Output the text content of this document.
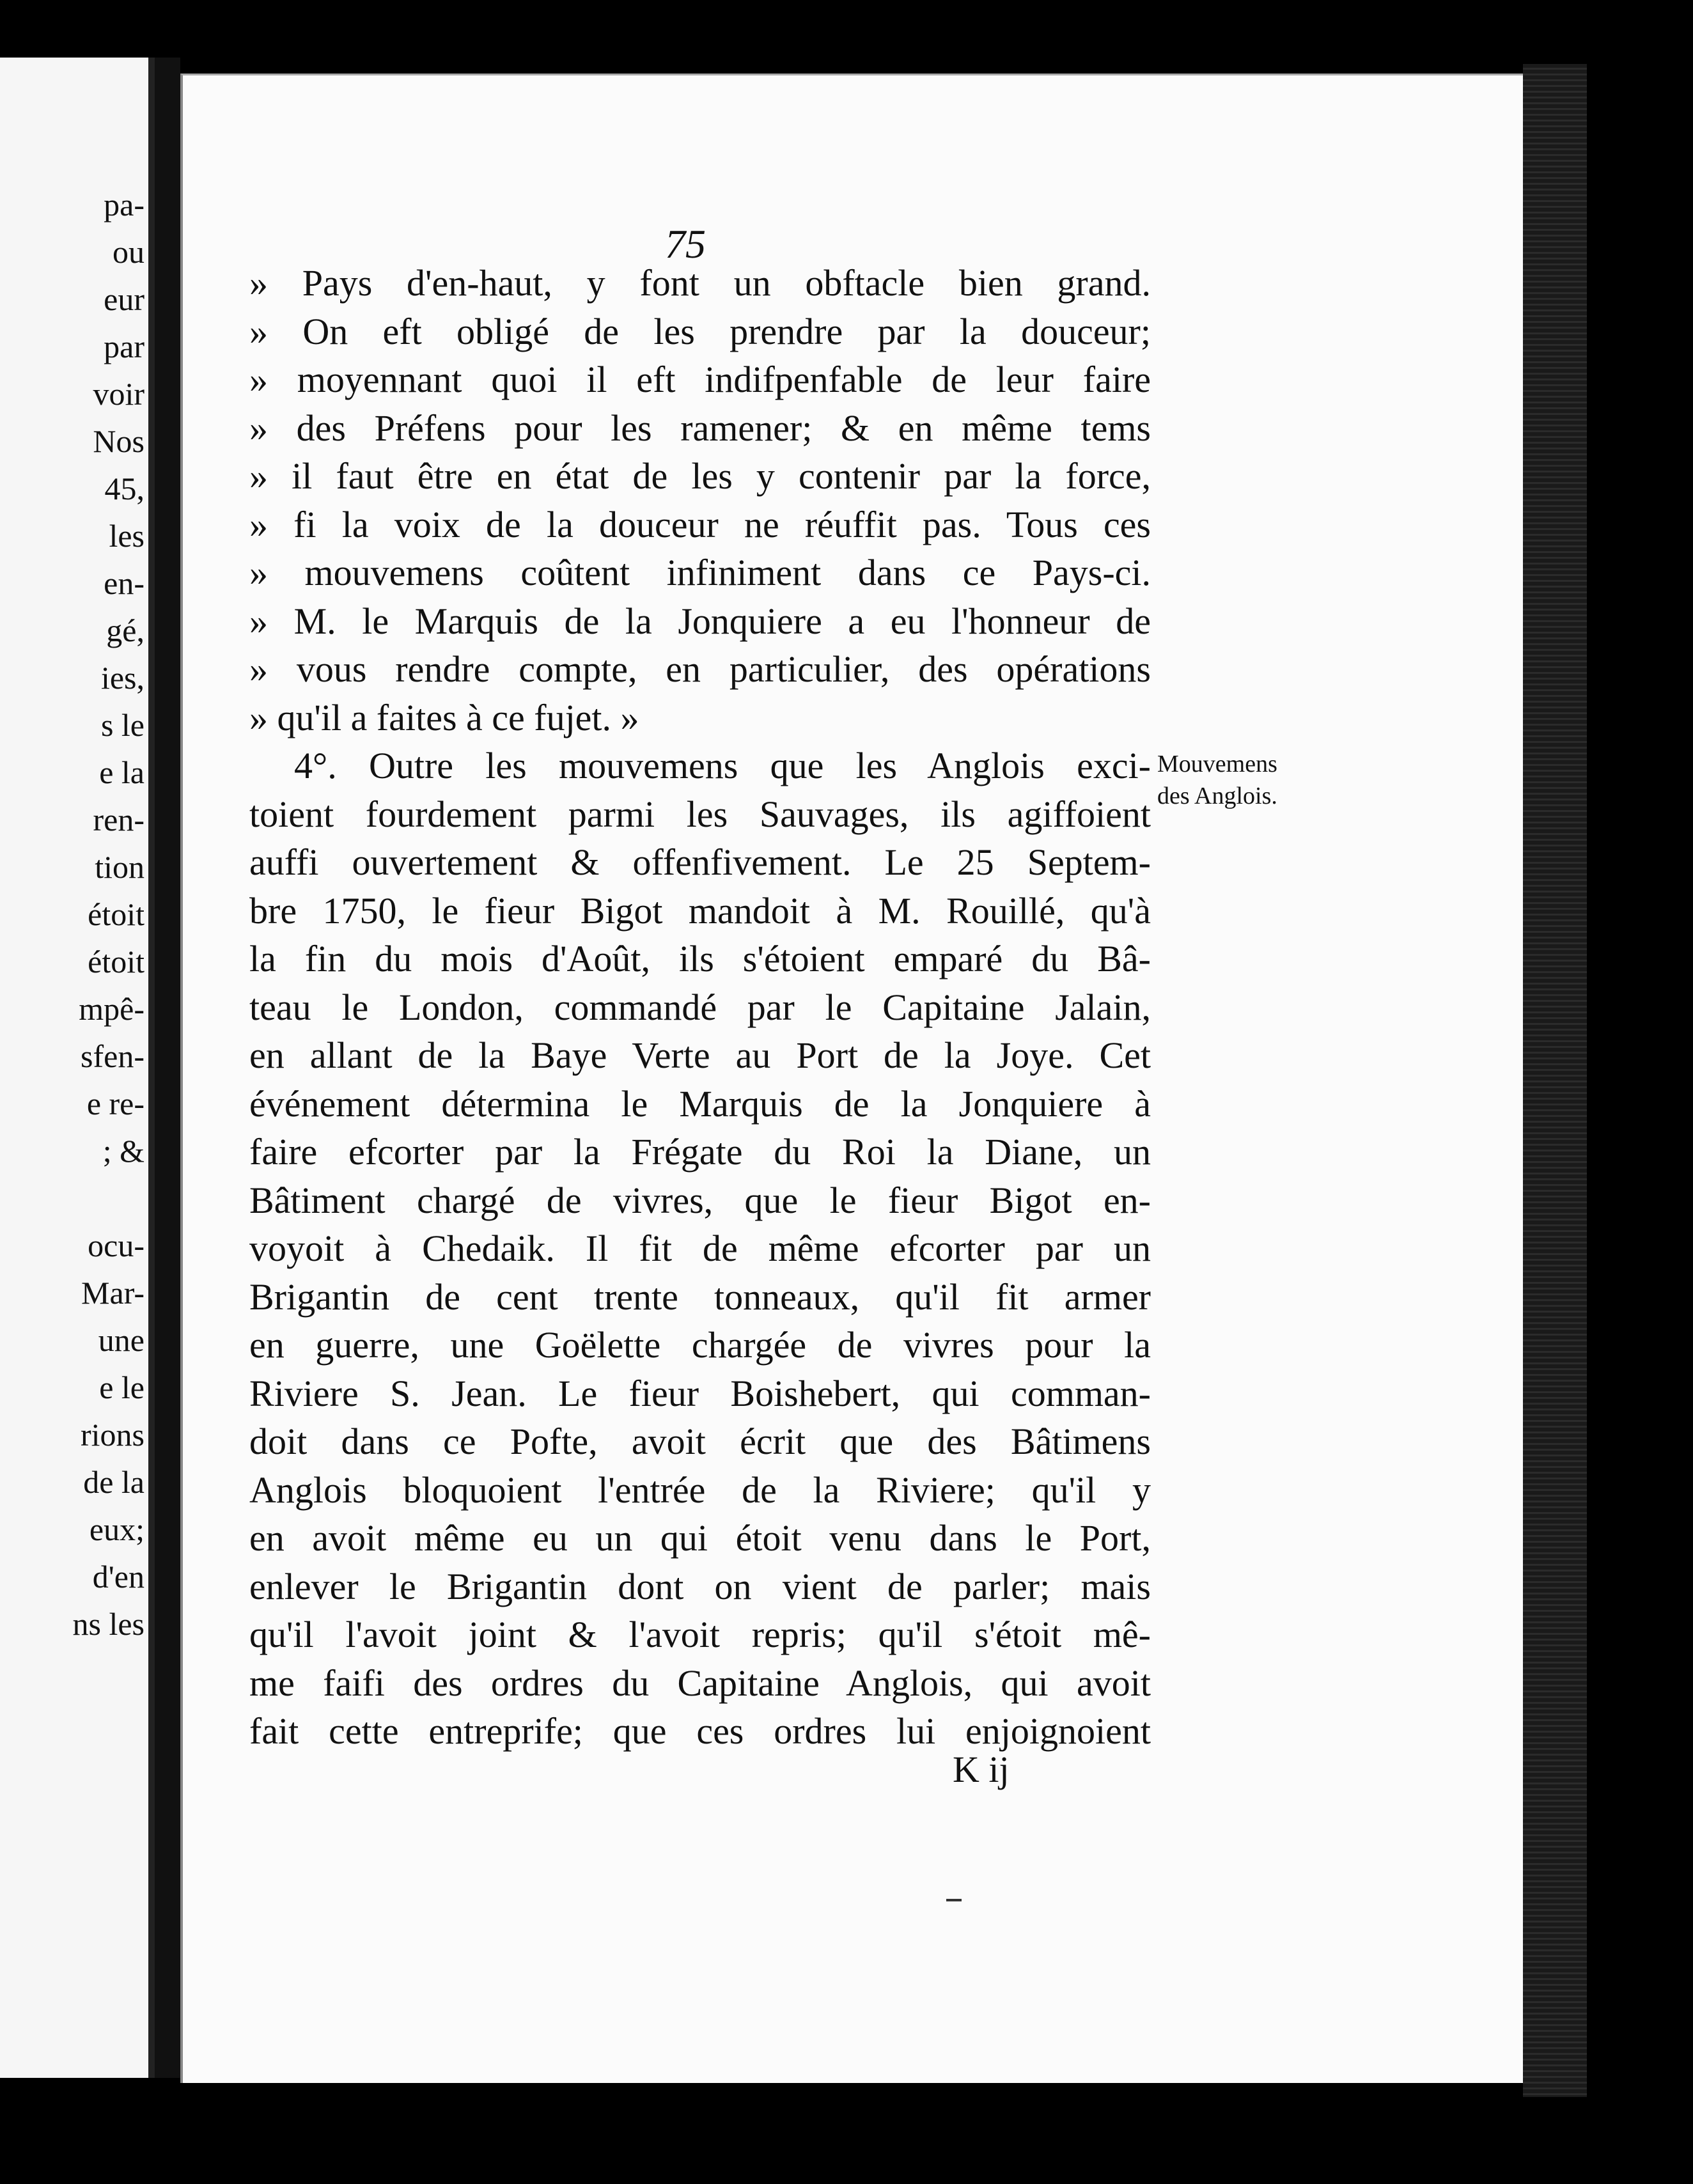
pa-
ou
eur
par
voir
Nos
45,
les
en-
gé,
ies,
s le
e la
ren-
tion
étoit
étoit
mpê-
sfen-
e re-
; &
ocu-
Mar-
une
e le
rions
de la
eux;
d'en
ns les
75
» Pays d'en-haut, y font un obftacle bien grand.
» On eft obligé de les prendre par la douceur;
» moyennant quoi il eft indifpenfable de leur faire
» des Préfens pour les ramener; & en même tems
» il faut être en état de les y contenir par la force,
» fi la voix de la douceur ne réuffit pas. Tous ces
» mouvemens coûtent infiniment dans ce Pays-ci.
» M. le Marquis de la Jonquiere a eu l'honneur de
» vous rendre compte, en particulier, des opérations
» qu'il a faites à ce fujet. »
4°. Outre les mouvemens que les Anglois exci-
toient fourdement parmi les Sauvages, ils agiffoient
auffi ouvertement & offenfivement. Le 25 Septem-
bre 1750, le fieur Bigot mandoit à M. Rouillé, qu'à
la fin du mois d'Août, ils s'étoient emparé du Bâ-
teau le London, commandé par le Capitaine Jalain,
en allant de la Baye Verte au Port de la Joye. Cet
événement détermina le Marquis de la Jonquiere à
faire efcorter par la Frégate du Roi la Diane, un
Bâtiment chargé de vivres, que le fieur Bigot en-
voyoit à Chedaik. Il fit de même efcorter par un
Brigantin de cent trente tonneaux, qu'il fit armer
en guerre, une Goëlette chargée de vivres pour la
Riviere S. Jean. Le fieur Boishebert, qui comman-
doit dans ce Pofte, avoit écrit que des Bâtimens
Anglois bloquoient l'entrée de la Riviere; qu'il y
en avoit même eu un qui étoit venu dans le Port,
enlever le Brigantin dont on vient de parler; mais
qu'il l'avoit joint & l'avoit repris; qu'il s'étoit mê-
me faifi des ordres du Capitaine Anglois, qui avoit
fait cette entreprife; que ces ordres lui enjoignoient
Mouvemens
des Anglois.
K ij
